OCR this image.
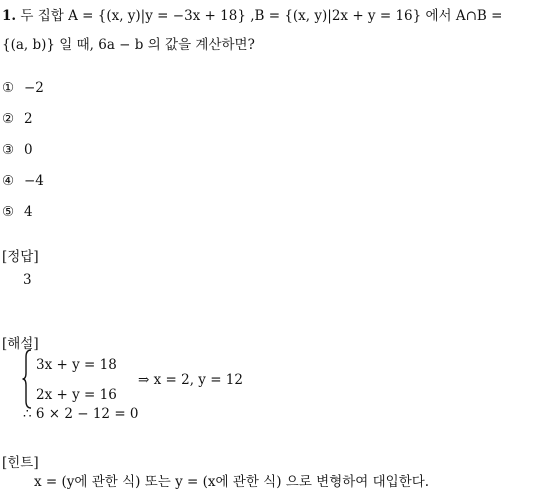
1. 두 집합 A = {(x, y)|y = −3x + 18} ,B = {(x, y)|2x + y = 16} 에서 A∩B =
{(a, b)} 일 때, 6a − b 의 값을 계산하면?
① −2
② 2
③ 0
④ −4
⑤ 4
[정답]
3
[해설]
3x + y = 18
2x + y = 16
⇒ x = 2, y = 12
∴ 6 × 2 − 12 = 0
[힌트]
x = (y에 관한 식) 또는 y = (x에 관한 식) 으로 변형하여 대입한다.
